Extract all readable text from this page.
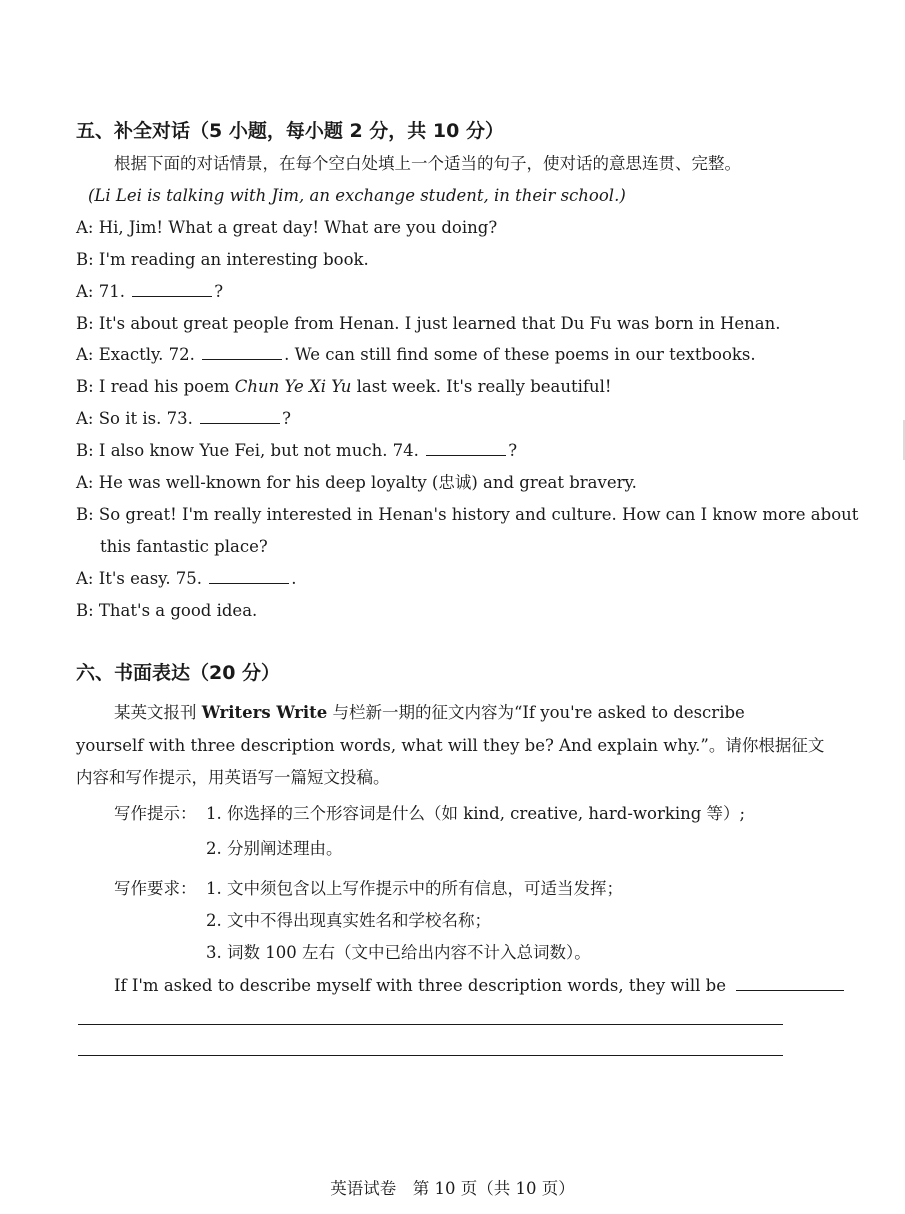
五、补全对话（5 小题，每小题 2 分，共 10 分）
根据下面的对话情景，在每个空白处填上一个适当的句子，使对话的意思连贯、完整。
(Li Lei is talking with Jim, an exchange student, in their school.)
A: Hi, Jim! What a great day! What are you doing?
B: I'm reading an interesting book.
A: 71.	?
B: It's about great people from Henan. I just learned that Du Fu was born in Henan.
A: Exactly. 72.	. We can still find some of these poems in our textbooks.
B: I read his poem Chun Ye Xi Yu last week. It's really beautiful!
A: So it is. 73.	?
B: I also know Yue Fei, but not much. 74.	?
A: He was well-known for his deep loyalty (忠诚) and great bravery.
B: So great! I'm really interested in Henan's history and culture. How can I know more about
this fantastic place?
A: It's easy. 75.	.
B: That's a good idea.
六、书面表达（20 分）
某英文报刊 Writers Write 与栏新一期的征文内容为“If you're asked to describe
yourself with three description words, what will they be? And explain why.”。请你根据征文
内容和写作提示，用英语写一篇短文投稿。
写作提示： 1. 你选择的三个形容词是什么（如 kind, creative, hard-working 等）;
2. 分别阐述理由。
写作要求： 1. 文中须包含以上写作提示中的所有信息，可适当发挥；
2. 文中不得出现真实姓名和学校名称；
3. 词数 100 左右（文中已给出内容不计入总词数）。
If I'm asked to describe myself with three description words, they will be
英语试卷　第 10 页（共 10 页）
